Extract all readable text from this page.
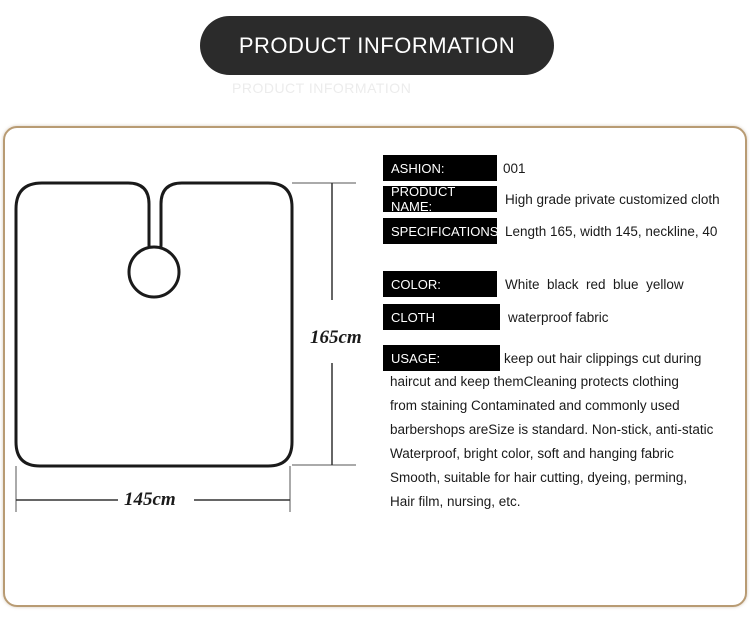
PRODUCT INFORMATION
PRODUCT INFORMATION
165cm
145cm
ASHION:	001
PRODUCT NAME:	High grade private customized cloth
SPECIFICATIONS: Length 165, width 145, neckline, 40
COLOR:	White  black  red  blue  yellow
CLOTH	waterproof fabric
USAGE:	keep out hair clippings cut during
haircut and keep themCleaning protects clothing
from staining Contaminated and commonly used
barbershops areSize is standard. Non-stick, anti-static
Waterproof, bright color, soft and hanging fabric
Smooth, suitable for hair cutting, dyeing, perming,
Hair film, nursing, etc.
